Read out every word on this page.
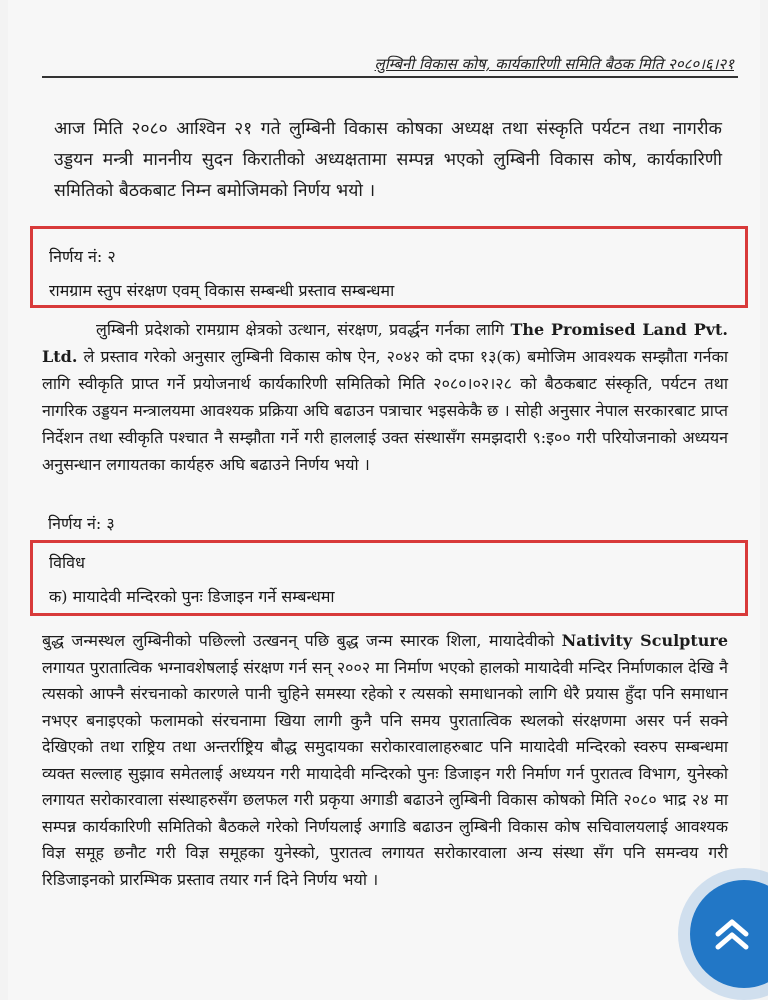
लुम्बिनी विकास कोष, कार्यकारिणी समिति बैठक मिति २०८०।६।२१
आज मिति २०८० आश्विन २१ गते लुम्बिनी विकास कोषका अध्यक्ष तथा संस्कृति पर्यटन तथा नागरीक उड्डयन मन्त्री माननीय सुदन किरातीको अध्यक्षतामा सम्पन्न भएको लुम्बिनी विकास कोष, कार्यकारिणी समितिको बैठकबाट निम्न बमोजिमको निर्णय भयो ।
निर्णय नं: २
रामग्राम स्तुप संरक्षण एवम् विकास सम्बन्धी प्रस्ताव सम्बन्धमा
लुम्बिनी प्रदेशको रामग्राम क्षेत्रको उत्थान, संरक्षण, प्रवर्द्धन गर्नका लागि The Promised Land Pvt. Ltd. ले प्रस्ताव गरेको अनुसार लुम्बिनी विकास कोष ऐन, २०४२ को दफा १३(क) बमोजिम आवश्यक सम्झौता गर्नका लागि स्वीकृति प्राप्त गर्ने प्रयोजनार्थ कार्यकारिणी समितिको मिति २०८०।०२।२८ को बैठकबाट संस्कृति, पर्यटन तथा नागरिक उड्डयन मन्त्रालयमा आवश्यक प्रक्रिया अघि बढाउन पत्राचार भइसकेकै छ । सोही अनुसार नेपाल सरकारबाट प्राप्त निर्देशन तथा स्वीकृति पश्चात नै सम्झौता गर्ने गरी हाललाई उक्त संस्थासँग समझदारी ९:इ०० गरी परियोजनाको अध्ययन अनुसन्धान लगायतका कार्यहरु अघि बढाउने निर्णय भयो ।
निर्णय नं: ३
विविध
क) मायादेवी मन्दिरको पुनः डिजाइन गर्ने सम्बन्धमा
बुद्ध जन्मस्थल लुम्बिनीको पछिल्लो उत्खनन् पछि बुद्ध जन्म स्मारक शिला, मायादेवीको Nativity Sculpture लगायत पुरातात्विक भग्नावशेषलाई संरक्षण गर्न सन् २००२ मा निर्माण भएको हालको मायादेवी मन्दिर निर्माणकाल देखि नै त्यसको आफ्नै संरचनाको कारणले पानी चुहिने समस्या रहेको र त्यसको समाधानको लागि धेरै प्रयास हुँदा पनि समाधान नभएर बनाइएको फलामको संरचनामा खिया लागी कुनै पनि समय पुरातात्विक स्थलको संरक्षणमा असर पर्न सक्ने देखिएको तथा राष्ट्रिय तथा अन्तर्राष्ट्रिय बौद्ध समुदायका सरोकारवालाहरुबाट पनि मायादेवी मन्दिरको स्वरुप सम्बन्धमा व्यक्त सल्लाह सुझाव समेतलाई अध्ययन गरी मायादेवी मन्दिरको पुनः डिजाइन गरी निर्माण गर्न पुरातत्व विभाग, युनेस्को लगायत सरोकारवाला संस्थाहरुसँग छलफल गरी प्रकृया अगाडी बढाउने लुम्बिनी विकास कोषको मिति २०८० भाद्र २४ मा सम्पन्न कार्यकारिणी समितिको बैठकले गरेको निर्णयलाई अगाडि बढाउन लुम्बिनी विकास कोष सचिवालयलाई आवश्यक विज्ञ समूह छनौट गरी विज्ञ समूहका युनेस्को, पुरातत्व लगायत सरोकारवाला अन्य संस्था सँग पनि समन्वय गरी रिडिजाइनको प्रारम्भिक प्रस्ताव तयार गर्न दिने निर्णय भयो ।
